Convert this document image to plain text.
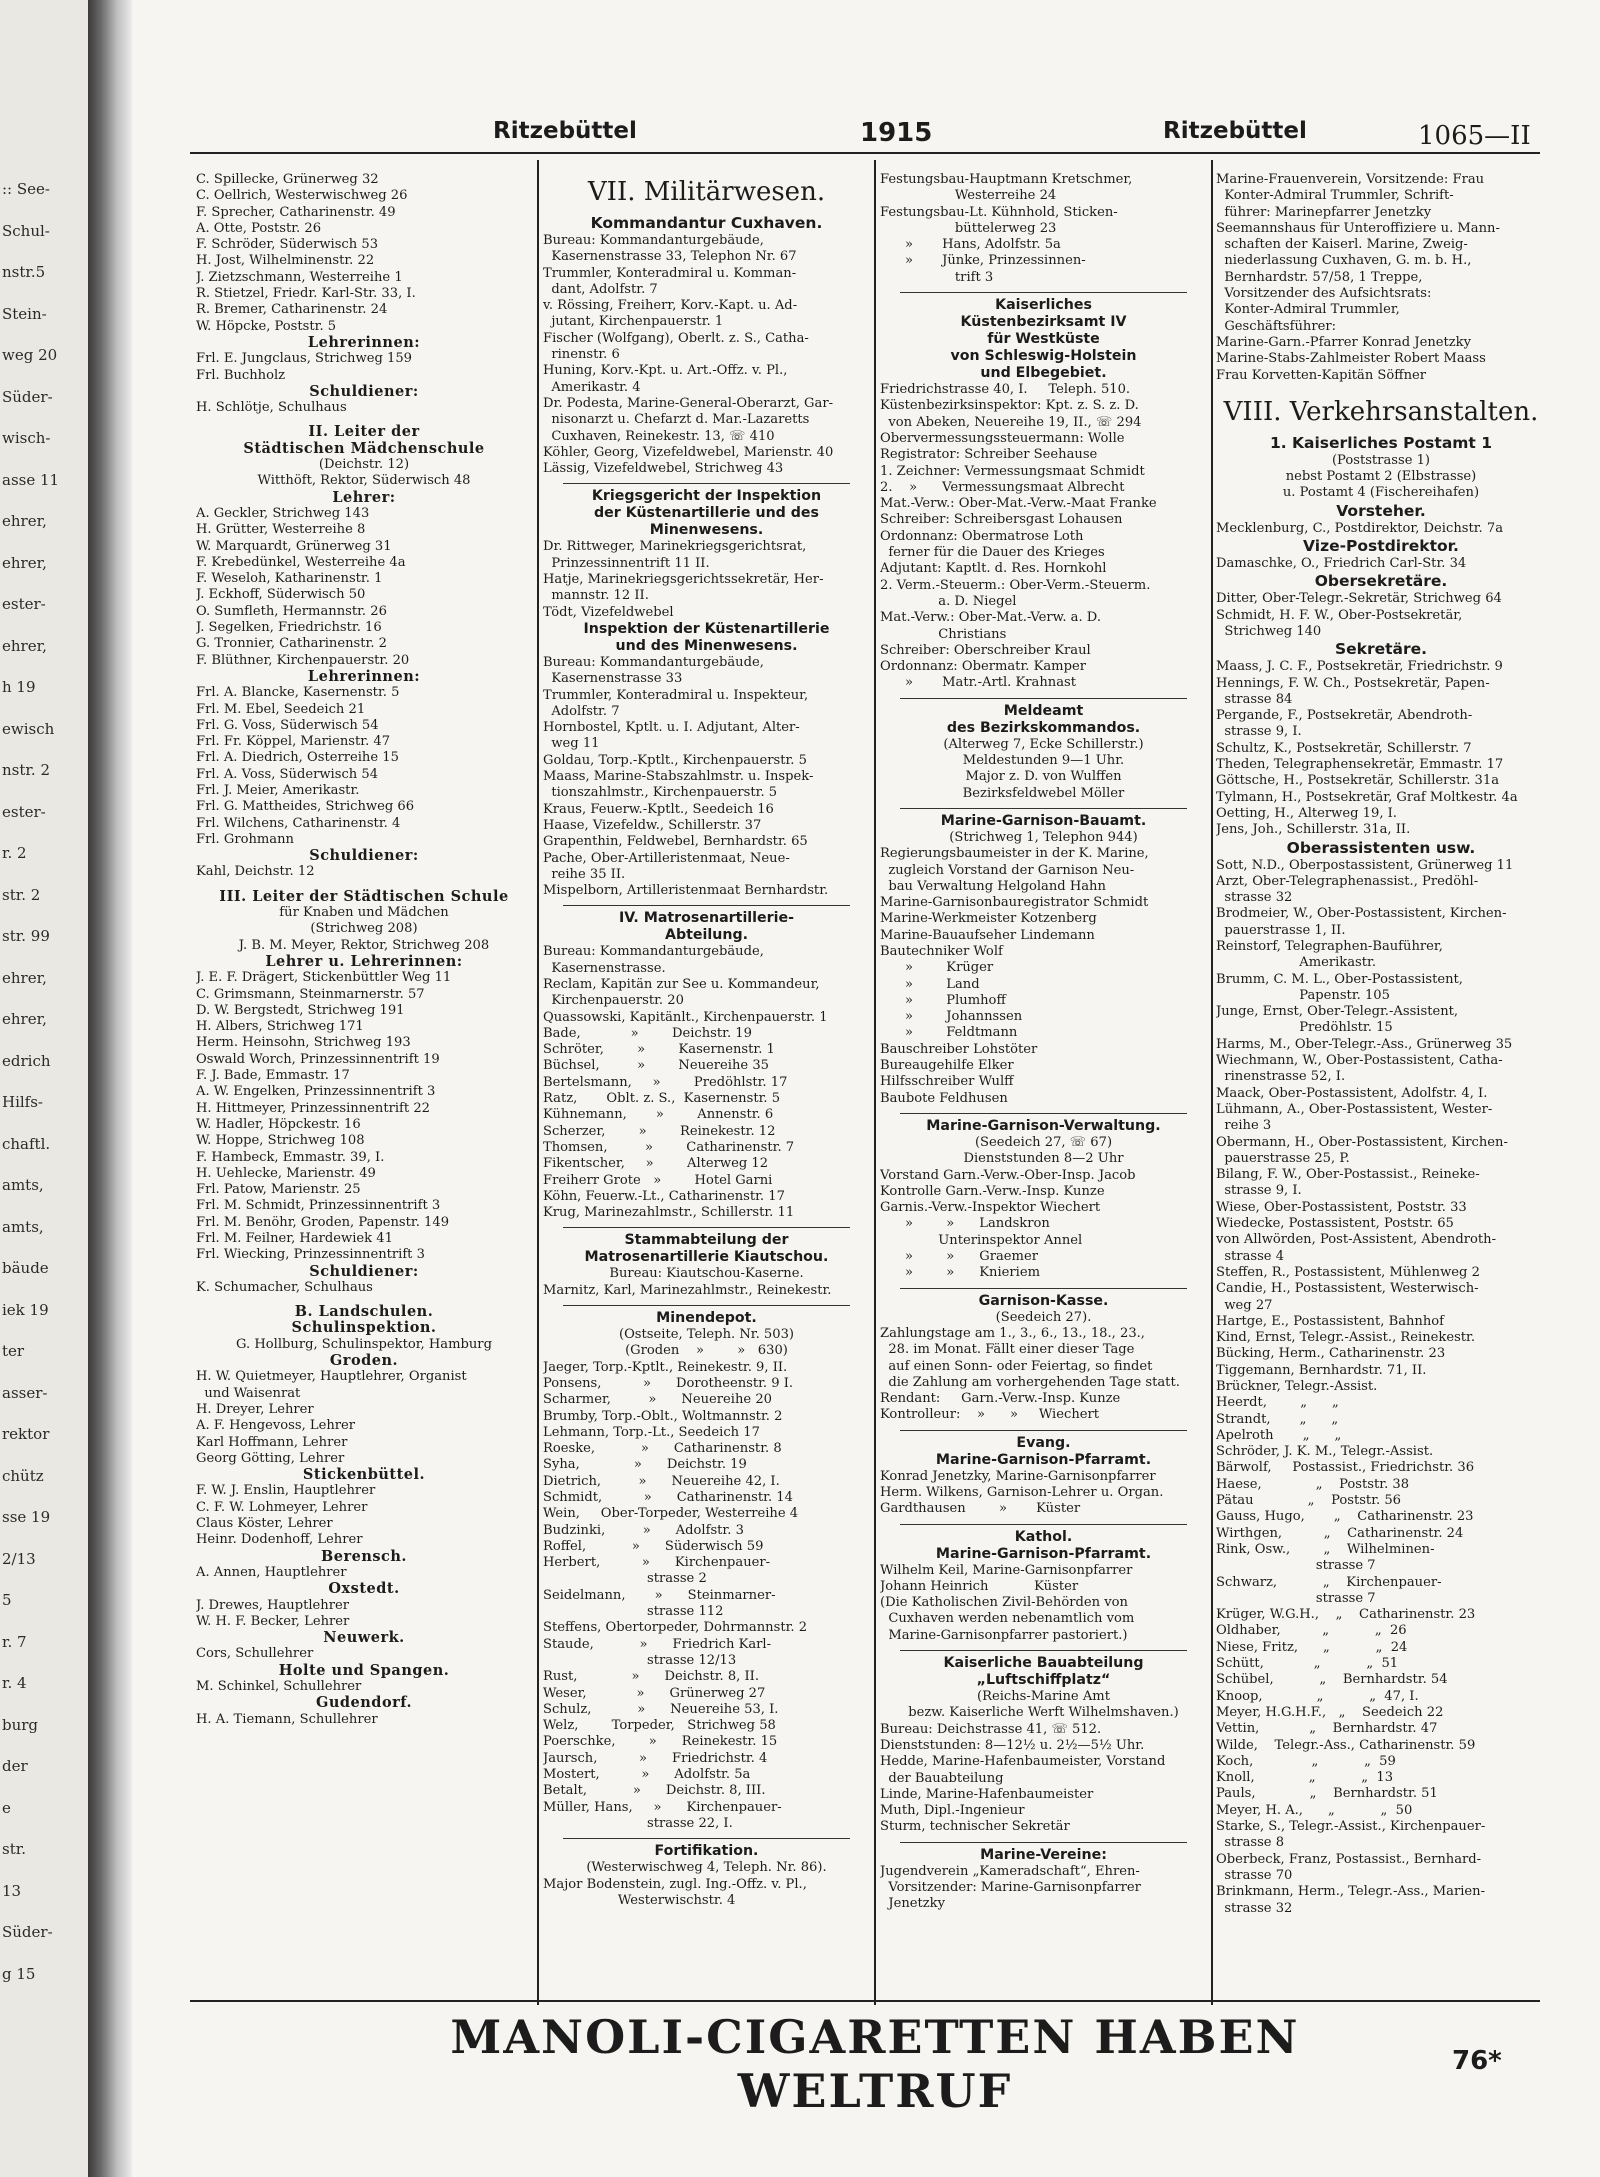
:: See-
Schul-
nstr.5
Stein-
weg 20
Süder-
wisch-
asse 11
ehrer,
ehrer,
ester-
ehrer,
h 19
ewisch
nstr. 2
ester-
r. 2
str. 2
str. 99
ehrer,
ehrer,
edrich
Hilfs-
chaftl.
amts,
amts,
bäude
iek 19
ter
asser-
rektor
chütz
sse 19
2/13
5
r. 7
r. 4
burg
der
e
str.
13
Süder-
g 15
Ritzebüttel	1915	Ritzebüttel	1065—II
C. Spillecke, Grünerweg 32
C. Oellrich, Westerwischweg 26
F. Sprecher, Catharinenstr. 49
A. Otte, Poststr. 26
F. Schröder, Süderwisch 53
H. Jost, Wilhelminenstr. 22
J. Zietzschmann, Westerreihe 1
R. Stietzel, Friedr. Karl-Str. 33, I.
R. Bremer, Catharinenstr. 24
W. Höpcke, Poststr. 5
Lehrerinnen:
Frl. E. Jungclaus, Strichweg 159
Frl. Buchholz
Schuldiener:
H. Schlötje, Schulhaus
II. Leiter der
Städtischen Mädchenschule
(Deichstr. 12)
Witthöft, Rektor, Süderwisch 48
Lehrer:
A. Geckler, Strichweg 143
H. Grütter, Westerreihe 8
W. Marquardt, Grünerweg 31
F. Krebedünkel, Westerreihe 4a
F. Weseloh, Katharinenstr. 1
J. Eckhoff, Süderwisch 50
O. Sumfleth, Hermannstr. 26
J. Segelken, Friedrichstr. 16
G. Tronnier, Catharinenstr. 2
F. Blüthner, Kirchenpauerstr. 20
Lehrerinnen:
Frl. A. Blancke, Kasernenstr. 5
Frl. M. Ebel, Seedeich 21
Frl. G. Voss, Süderwisch 54
Frl. Fr. Köppel, Marienstr. 47
Frl. A. Diedrich, Osterreihe 15
Frl. A. Voss, Süderwisch 54
Frl. J. Meier, Amerikastr.
Frl. G. Mattheides, Strichweg 66
Frl. Wilchens, Catharinenstr. 4
Frl. Grohmann
Schuldiener:
Kahl, Deichstr. 12
III. Leiter der Städtischen Schule
für Knaben und Mädchen
(Strichweg 208)
J. B. M. Meyer, Rektor, Strichweg 208
Lehrer u. Lehrerinnen:
J. E. F. Drägert, Stickenbüttler Weg 11
C. Grimsmann, Steinmarnerstr. 57
D. W. Bergstedt, Strichweg 191
H. Albers, Strichweg 171
Herm. Heinsohn, Strichweg 193
Oswald Worch, Prinzessinnentrift 19
F. J. Bade, Emmastr. 17
A. W. Engelken, Prinzessinnentrift 3
H. Hittmeyer, Prinzessinnentrift 22
W. Hadler, Höpckestr. 16
W. Hoppe, Strichweg 108
F. Hambeck, Emmastr. 39, I.
H. Uehlecke, Marienstr. 49
Frl. Patow, Marienstr. 25
Frl. M. Schmidt, Prinzessinnentrift 3
Frl. M. Benöhr, Groden, Papenstr. 149
Frl. M. Feilner, Hardewiek 41
Frl. Wiecking, Prinzessinnentrift 3
Schuldiener:
K. Schumacher, Schulhaus
B. Landschulen.
Schulinspektion.
G. Hollburg, Schulinspektor, Hamburg
Groden.
H. W. Quietmeyer, Hauptlehrer, Organist
und Waisenrat
H. Dreyer, Lehrer
A. F. Hengevoss, Lehrer
Karl Hoffmann, Lehrer
Georg Götting, Lehrer
Stickenbüttel.
F. W. J. Enslin, Hauptlehrer
C. F. W. Lohmeyer, Lehrer
Claus Köster, Lehrer
Heinr. Dodenhoff, Lehrer
Berensch.
A. Annen, Hauptlehrer
Oxstedt.
J. Drewes, Hauptlehrer
W. H. F. Becker, Lehrer
Neuwerk.
Cors, Schullehrer
Holte und Spangen.
M. Schinkel, Schullehrer
Gudendorf.
H. A. Tiemann, Schullehrer
VII. Militärwesen.
Kommandantur Cuxhaven.
Bureau: Kommandanturgebäude,
Kasernenstrasse 33, Telephon Nr. 67
Trummler, Konteradmiral u. Komman-
dant, Adolfstr. 7
v. Rössing, Freiherr, Korv.-Kapt. u. Ad-
jutant, Kirchenpauerstr. 1
Fischer (Wolfgang), Oberlt. z. S., Catha-
rinenstr. 6
Huning, Korv.-Kpt. u. Art.-Offz. v. Pl.,
Amerikastr. 4
Dr. Podesta, Marine-General-Oberarzt, Gar-
nisonarzt u. Chefarzt d. Mar.-Lazaretts
Cuxhaven, Reinekestr. 13, ☏ 410
Köhler, Georg, Vizefeldwebel, Marienstr. 40
Lässig, Vizefeldwebel, Strichweg 43
Kriegsgericht der Inspektion
der Küstenartillerie und des
Minenwesens.
Dr. Rittweger, Marinekriegsgerichtsrat,
Prinzessinnentrift 11 II.
Hatje, Marinekriegsgerichtssekretär, Her-
mannstr. 12 II.
Tödt, Vizefeldwebel
Inspektion der Küstenartillerie
und des Minenwesens.
Bureau: Kommandanturgebäude,
Kasernenstrasse 33
Trummler, Konteradmiral u. Inspekteur,
Adolfstr. 7
Hornbostel, Kptlt. u. I. Adjutant, Alter-
weg 11
Goldau, Torp.-Kptlt., Kirchenpauerstr. 5
Maass, Marine-Stabszahlmstr. u. Inspek-
tionszahlmstr., Kirchenpauerstr. 5
Kraus, Feuerw.-Kptlt., Seedeich 16
Haase, Vizefeldw., Schillerstr. 37
Grapenthin, Feldwebel, Bernhardstr. 65
Pache, Ober-Artilleristenmaat, Neue-
reihe 35 II.
Mispelborn, Artilleristenmaat Bernhardstr.
IV. Matrosenartillerie-
Abteilung.
Bureau: Kommandanturgebäude,
Kasernenstrasse.
Reclam, Kapitän zur See u. Kommandeur,
Kirchenpauerstr. 20
Quassowski, Kapitänlt., Kirchenpauerstr. 1
Bade,            »        Deichstr. 19
Schröter,        »        Kasernenstr. 1
Büchsel,         »        Neuereihe 35
Bertelsmann,     »        Predöhlstr. 17
Ratz,       Oblt. z. S.,  Kasernenstr. 5
Kühnemann,       »        Annenstr. 6
Scherzer,        »        Reinekestr. 12
Thomsen,         »        Catharinenstr. 7
Fikentscher,     »        Alterweg 12
Freiherr Grote   »        Hotel Garni
Köhn, Feuerw.-Lt., Catharinenstr. 17
Krug, Marinezahlmstr., Schillerstr. 11
Stammabteilung der
Matrosenartillerie Kiautschou.
Bureau: Kiautschou-Kaserne.
Marnitz, Karl, Marinezahlmstr., Reinekestr.
Minendepot.
(Ostseite, Teleph. Nr. 503)
(Groden    »        »   630)
Jaeger, Torp.-Kptlt., Reinekestr. 9, II.
Ponsens,          »      Dorotheenstr. 9 I.
Scharmer,         »      Neuereihe 20
Brumby, Torp.-Oblt., Woltmannstr. 2
Lehmann, Torp.-Lt., Seedeich 17
Roeske,           »      Catharinenstr. 8
Syha,             »      Deichstr. 19
Dietrich,         »      Neuereihe 42, I.
Schmidt,          »      Catharinenstr. 14
Wein,     Ober-Torpeder, Westerreihe 4
Budzinki,         »      Adolfstr. 3
Roffel,           »      Süderwisch 59
Herbert,          »      Kirchenpauer-
strasse 2
Seidelmann,       »      Steinmarner-
strasse 112
Steffens, Obertorpeder, Dohrmannstr. 2
Staude,           »      Friedrich Karl-
strasse 12/13
Rust,             »      Deichstr. 8, II.
Weser,            »      Grünerweg 27
Schulz,           »      Neuereihe 53, I.
Welz,        Torpeder,   Strichweg 58
Poerschke,        »      Reinekestr. 15
Jaursch,          »      Friedrichstr. 4
Mostert,          »      Adolfstr. 5a
Betalt,           »      Deichstr. 8, III.
Müller, Hans,     »      Kirchenpauer-
strasse 22, I.
Fortifikation.
(Westerwischweg 4, Teleph. Nr. 86).
Major Bodenstein, zugl. Ing.-Offz. v. Pl.,
Westerwischstr. 4
Festungsbau-Hauptmann Kretschmer,
Westerreihe 24
Festungsbau-Lt. Kühnhold, Sticken-
büttelerweg 23
»       Hans, Adolfstr. 5a
»       Jünke, Prinzessinnen-
trift 3
Kaiserliches
Küstenbezirksamt IV
für Westküste
von Schleswig-Holstein
und Elbegebiet.
Friedrichstrasse 40, I.     Teleph. 510.
Küstenbezirksinspektor: Kpt. z. S. z. D.
von Abeken, Neuereihe 19, II., ☏ 294
Obervermessungssteuermann: Wolle
Registrator: Schreiber Seehause
1. Zeichner: Vermessungsmaat Schmidt
2.    »      Vermessungsmaat Albrecht
Mat.-Verw.: Ober-Mat.-Verw.-Maat Franke
Schreiber: Schreibersgast Lohausen
Ordonnanz: Obermatrose Loth
ferner für die Dauer des Krieges
Adjutant: Kaptlt. d. Res. Hornkohl
2. Verm.-Steuerm.: Ober-Verm.-Steuerm.
a. D. Niegel
Mat.-Verw.: Ober-Mat.-Verw. a. D.
Christians
Schreiber: Oberschreiber Kraul
Ordonnanz: Obermatr. Kamper
»       Matr.-Artl. Krahnast
Meldeamt
des Bezirkskommandos.
(Alterweg 7, Ecke Schillerstr.)
Meldestunden 9—1 Uhr.
Major z. D. von Wulffen
Bezirksfeldwebel Möller
Marine-Garnison-Bauamt.
(Strichweg 1, Telephon 944)
Regierungsbaumeister in der K. Marine,
zugleich Vorstand der Garnison Neu-
bau Verwaltung Helgoland Hahn
Marine-Garnisonbauregistrator Schmidt
Marine-Werkmeister Kotzenberg
Marine-Bauaufseher Lindemann
Bautechniker Wolf
»        Krüger
»        Land
»        Plumhoff
»        Johannssen
»        Feldtmann
Bauschreiber Lohstöter
Bureaugehilfe Elker
Hilfsschreiber Wulff
Baubote Feldhusen
Marine-Garnison-Verwaltung.
(Seedeich 27, ☏ 67)
Dienststunden 8—2 Uhr
Vorstand Garn.-Verw.-Ober-Insp. Jacob
Kontrolle Garn.-Verw.-Insp. Kunze
Garnis.-Verw.-Inspektor Wiechert
»        »      Landskron
Unterinspektor Annel
»        »      Graemer
»        »      Knieriem
Garnison-Kasse.
(Seedeich 27).
Zahlungstage am 1., 3., 6., 13., 18., 23.,
28. im Monat. Fällt einer dieser Tage
auf einen Sonn- oder Feiertag, so findet
die Zahlung am vorhergehenden Tage statt.
Rendant:     Garn.-Verw.-Insp. Kunze
Kontrolleur:    »      »     Wiechert
Evang.
Marine-Garnison-Pfarramt.
Konrad Jenetzky, Marine-Garnisonpfarrer
Herm. Wilkens, Garnison-Lehrer u. Organ.
Gardthausen        »       Küster
Kathol.
Marine-Garnison-Pfarramt.
Wilhelm Keil, Marine-Garnisonpfarrer
Johann Heinrich           Küster
(Die Katholischen Zivil-Behörden von
Cuxhaven werden nebenamtlich vom
Marine-Garnisonpfarrer pastoriert.)
Kaiserliche Bauabteilung
„Luftschiffplatz“
(Reichs-Marine Amt
bezw. Kaiserliche Werft Wilhelmshaven.)
Bureau: Deichstrasse 41, ☏ 512.
Dienststunden: 8—12½ u. 2½—5½ Uhr.
Hedde, Marine-Hafenbaumeister, Vorstand
der Bauabteilung
Linde, Marine-Hafenbaumeister
Muth, Dipl.-Ingenieur
Sturm, technischer Sekretär
Marine-Vereine:
Jugendverein „Kameradschaft“, Ehren-
Vorsitzender: Marine-Garnisonpfarrer
Jenetzky
Marine-Frauenverein, Vorsitzende: Frau
Konter-Admiral Trummler, Schrift-
führer: Marinepfarrer Jenetzky
Seemannshaus für Unteroffiziere u. Mann-
schaften der Kaiserl. Marine, Zweig-
niederlassung Cuxhaven, G. m. b. H.,
Bernhardstr. 57/58, 1 Treppe,
Vorsitzender des Aufsichtsrats:
Konter-Admiral Trummler,
Geschäftsführer:
Marine-Garn.-Pfarrer Konrad Jenetzky
Marine-Stabs-Zahlmeister Robert Maass
Frau Korvetten-Kapitän Söffner
VIII. Verkehrsanstalten.
1. Kaiserliches Postamt 1
(Poststrasse 1)
nebst Postamt 2 (Elbstrasse)
u. Postamt 4 (Fischereihafen)
Vorsteher.
Mecklenburg, C., Postdirektor, Deichstr. 7a
Vize-Postdirektor.
Damaschke, O., Friedrich Carl-Str. 34
Obersekretäre.
Ditter, Ober-Telegr.-Sekretär, Strichweg 64
Schmidt, H. F. W., Ober-Postsekretär,
Strichweg 140
Sekretäre.
Maass, J. C. F., Postsekretär, Friedrichstr. 9
Hennings, F. W. Ch., Postsekretär, Papen-
strasse 84
Pergande, F., Postsekretär, Abendroth-
strasse 9, I.
Schultz, K., Postsekretär, Schillerstr. 7
Theden, Telegraphensekretär, Emmastr. 17
Göttsche, H., Postsekretär, Schillerstr. 31a
Tylmann, H., Postsekretär, Graf Moltkestr. 4a
Oetting, H., Alterweg 19, I.
Jens, Joh., Schillerstr. 31a, II.
Oberassistenten usw.
Sott, N.D., Oberpostassistent, Grünerweg 11
Arzt, Ober-Telegraphenassist., Predöhl-
strasse 32
Brodmeier, W., Ober-Postassistent, Kirchen-
pauerstrasse 1, II.
Reinstorf, Telegraphen-Bauführer,
Amerikastr.
Brumm, C. M. L., Ober-Postassistent,
Papenstr. 105
Junge, Ernst, Ober-Telegr.-Assistent,
Predöhlstr. 15
Harms, M., Ober-Telegr.-Ass., Grünerweg 35
Wiechmann, W., Ober-Postassistent, Catha-
rinenstrasse 52, I.
Maack, Ober-Postassistent, Adolfstr. 4, I.
Lühmann, A., Ober-Postassistent, Wester-
reihe 3
Obermann, H., Ober-Postassistent, Kirchen-
pauerstrasse 25, P.
Bilang, F. W., Ober-Postassist., Reineke-
strasse 9, I.
Wiese, Ober-Postassistent, Poststr. 33
Wiedecke, Postassistent, Poststr. 65
von Allwörden, Post-Assistent, Abendroth-
strasse 4
Steffen, R., Postassistent, Mühlenweg 2
Candie, H., Postassistent, Westerwisch-
weg 27
Hartge, E., Postassistent, Bahnhof
Kind, Ernst, Telegr.-Assist., Reinekestr.
Bücking, Herm., Catharinenstr. 23
Tiggemann, Bernhardstr. 71, II.
Brückner, Telegr.-Assist.
Heerdt,        „      „
Strandt,       „      „
Apelroth       „      „
Schröder, J. K. M., Telegr.-Assist.
Bärwolf,     Postassist., Friedrichstr. 36
Haese,             „    Poststr. 38
Pätau             „    Poststr. 56
Gauss, Hugo,       „    Catharinenstr. 23
Wirthgen,          „    Catharinenstr. 24
Rink, Osw.,        „    Wilhelminen-
strasse 7
Schwarz,           „    Kirchenpauer-
strasse 7
Krüger, W.G.H.,    „    Catharinenstr. 23
Oldhaber,          „           „  26
Niese, Fritz,      „           „  24
Schütt,            „           „  51
Schübel,           „    Bernhardstr. 54
Knoop,             „           „  47, I.
Meyer, H.G.H.F.,   „    Seedeich 22
Vettin,            „    Bernhardstr. 47
Wilde,    Telegr.-Ass., Catharinenstr. 59
Koch,              „           „  59
Knoll,             „           „  13
Pauls,             „    Bernhardstr. 51
Meyer, H. A.,      „           „  50
Starke, S., Telegr.-Assist., Kirchenpauer-
strasse 8
Oberbeck, Franz, Postassist., Bernhard-
strasse 70
Brinkmann, Herm., Telegr.-Ass., Marien-
strasse 32
MANOLI-CIGARETTEN HABEN WELTRUF
76*
